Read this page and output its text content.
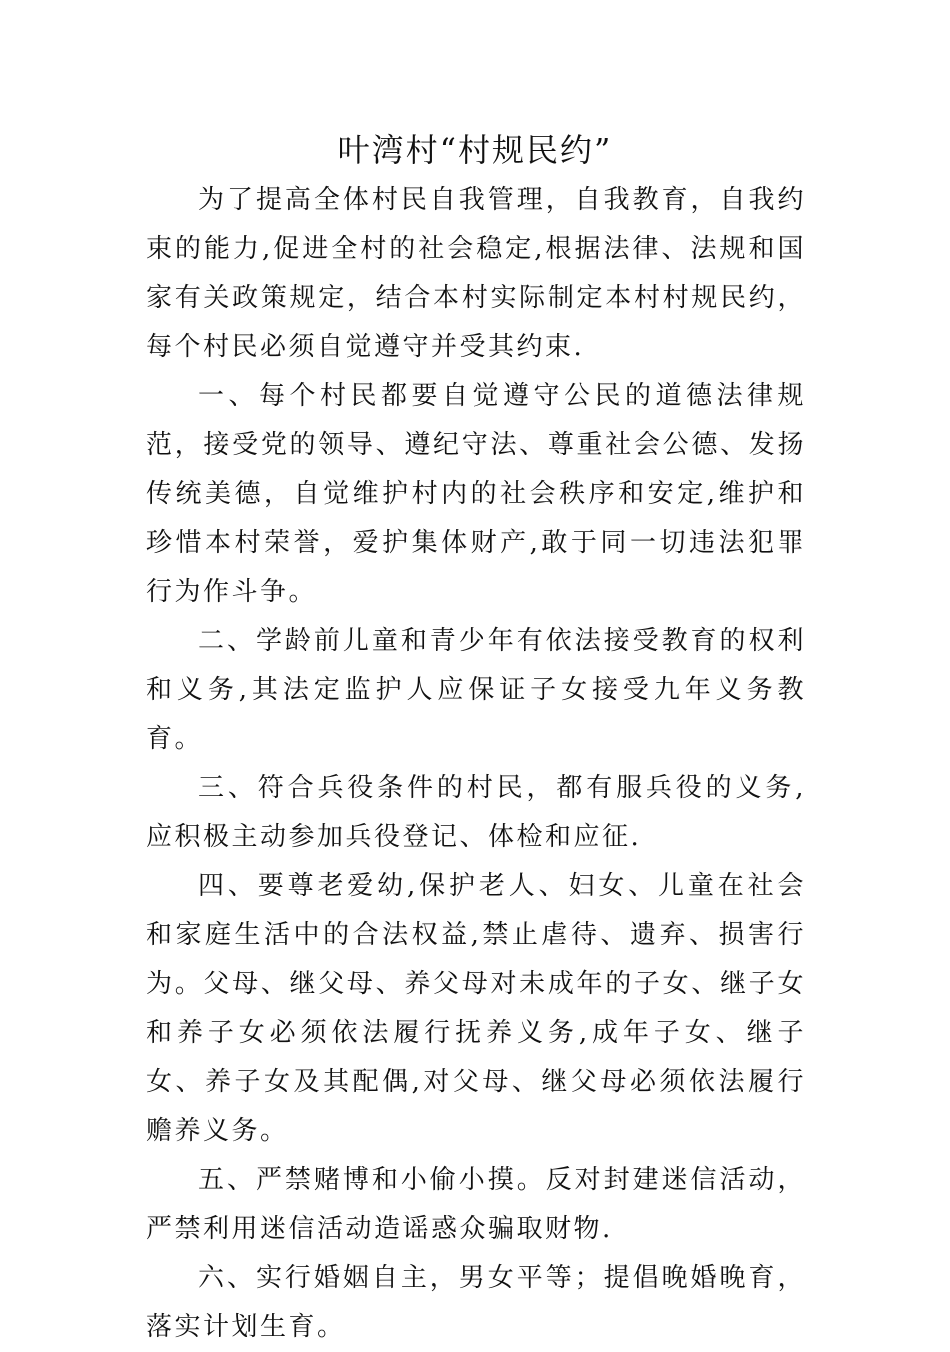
叶湾村“村规民约”

为了提高全体村民自我管理，自我教育，自我约束的能力,促进全村的社会稳定,根据法律、法规和国家有关政策规定，结合本村实际制定本村村规民约，每个村民必须自觉遵守并受其约束.

一、每个村民都要自觉遵守公民的道德法律规范，接受党的领导、遵纪守法、尊重社会公德、发扬传统美德，自觉维护村内的社会秩序和安定,维护和珍惜本村荣誉，爱护集体财产,敢于同一切违法犯罪行为作斗争。

二、学龄前儿童和青少年有依法接受教育的权利和义务,其法定监护人应保证子女接受九年义务教育。

三、符合兵役条件的村民，都有服兵役的义务,应积极主动参加兵役登记、体检和应征.

四、要尊老爱幼,保护老人、妇女、儿童在社会和家庭生活中的合法权益,禁止虐待、遗弃、损害行为。父母、继父母、养父母对未成年的子女、继子女和养子女必须依法履行抚养义务,成年子女、继子女、养子女及其配偶,对父母、继父母必须依法履行赡养义务。

五、严禁赌博和小偷小摸。反对封建迷信活动，严禁利用迷信活动造谣惑众骗取财物.

六、实行婚姻自主，男女平等；提倡晚婚晚育，落实计划生育。
